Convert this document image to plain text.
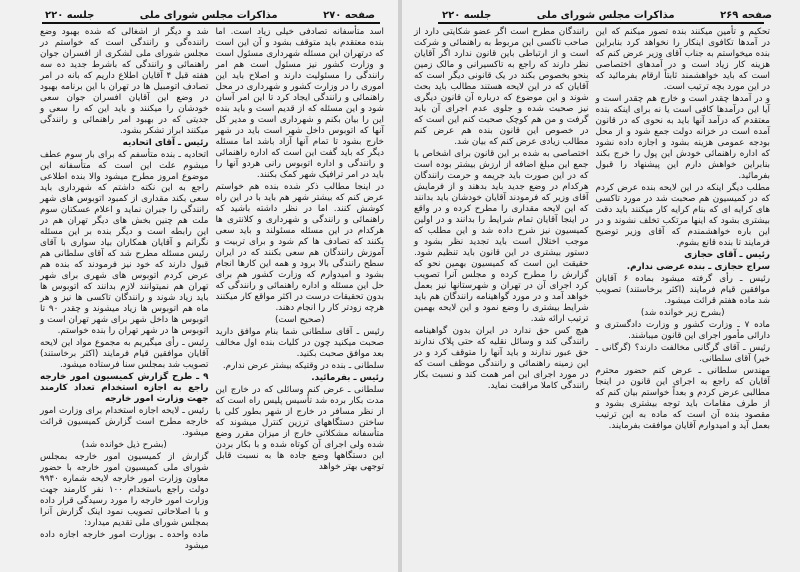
صفحه ۲۷۰
مذاکرات مجلس شورای ملی
جلسه ۲۲۰

اسد متأسفانه تصادفی خیلی زیاد است. اما بنده معتقدم باید متوقف بشود و آن این است که درتهران این مسئله شهرداری مسئول است و وزارت کشور نیز مسئول است هم امر رانندگی را مسئولیت دارند و اصلاح باید این اموری را در وزارت کشور و شهرداری در محل راهنمائی و رانندگی ایجاد کرد تا این امر آسان شود و این مسئله که از قدیم است و باید بنده این را بیان بکنم و شهرداری است و مدیر کل آنها که اتوبوس داخل شهر است باید در شهر خارج بشود تا تمام آنها آزاد باشد اما مسئله دیگر که باید گفت این است که اداره راهنمائی و رانندگی و اداره اتوبوس رانی هردو آنها را باید در امر ترافیک شهر کمک بکنند.

در اینجا مطالب ذکر شده بنده هم خواستم عرض کنم که بیشتر شهر هم باید با در این راه کوشش کنند. اما در نظر داشته باشید که راهنمائی و رانندگی و شهرداری و کلانتری ها هرکدام در این مسئله مسئولند و باید سعی بکنند که تصادف ها کم شود و برای تربیت و آموزش رانندگان هم سعی بکنند که در ایران سطح رانندگی بالا برود و همه این کارها انجام بشود و امیدوارم که وزارت کشور هم برای حل این مسئله و اداره راهنمائی و رانندگی که بدون تحقیقات درست در اکثر مواقع کار میکنند هرچه زودتر کار را انجام دهند.

(صحیح است)

رئیس ـ آقای سلطانی شما بنام موافق دارید صحبت میکنید چون در کلیات بنده اول مخالف بعد موافق صحبت بکنید.

سلطانی ـ بنده در وقتیکه بیشتر عرض ندارم.

رئیس ـ بفرمائید.

سلطانی ـ عرض کنم وسائلی که در خارج این مدت بکار برده شد تأسیس پلیس راه است که از نظر مسافر در خارج از شهر بطور کلی با ساختن دستگاههای ترزین کنترل میشوند که متأسفانه مشکلاتی خارج از میزان مقرر وضع شده ولی اجرای آن کوتاه شده و با بکار بردن این دستگاهها وضع جاده ها به نسبت قابل توجهی بهتر خواهد

شد و دیگر از اشغالی که شده بهبود وضع راننده‌گی و رانندگی است که خواستم در مجلس شورای ملی لشکری از افسران جوان راهنمائی و رانندگی که باشرط جدید ده سه هفته قبل ۴ آقایان اطلاع داریم که بانه در امر تصادف اتومبیل ها در تهران با این برنامه بهبود در وضع این آقایان افسران جوان سعی خودشان را میکنند و باید این که را سعی و جدیتی که در بهبود امر راهنمائی و رانندگی میکنند ابراز تشکر بشود.

رئیس ـ آقای اتحادیه

اتحادیه ـ بنده متأسفم که برای بار سوم عطف میشوم علت این است که متأسفانه این موضوع امروز مطرح میشود والا بنده اطلاعی راجع به این نکته داشتم که شهرداری باید سعی بکند مقداری از کمبود اتوبوس های شهر رانندگی را جبران نماید و اعلام عسکتان سوم ملت هم چنین بخش های دیگر تهران هم در این رابطه است و دیگر بنده بر این مسئله نگرانم و آقایان همکاران بیاد سواری با آقای رئیس مسئله مطرح شد که آقای سلطانی هم قبول دارند که خود نیز فرمودند که بنده هم عرض کردم اتوبوس های شهری برای شهر تهران هم نمیتوانند لازم بدانند که اتوبوس ها باید زیاد شوند و رانندگان تاکسی ها نیز و هر ماه هم اتوبوس ها زیاد میشوند و چقدر ۹۰ تا اتوبوس ها داخل شهر برای شهر تهران است و اتوبوس ها در شهر تهران را بنده خواستم.

رئیس ـ رأی میگیریم به مجموع مواد این لایحه آقایان موافقین قیام فرمایند (اکثر برخاستند) تصویب شد بمجلس سنا فرستاده میشود.

۹ ـ طرح گزارش کمیسیون امور خارجه راجع به اجازه استخدام تعداد کارمند جهت وزارت امور خارجه

رئیس ـ لایحه اجازه استخدام برای وزارت امور خارجه مطرح است گزارش کمیسیون قرائت میشود.

(بشرح ذیل خوانده شد)

گزارش از کمیسیون امور خارجه بمجلس شورای ملی کمیسیون امور خارجه با حضور معاون وزارت امور خارجه لایحه شماره ۹۹۴۰ دولت راجع باستخدام ۱۰۰ نفر کارمند جهت وزارت امور خارجه را مورد رسیدگی قرار داده و با اصلاحاتی تصویب نمود اینک گزارش آنرا بمجلس شورای ملی تقدیم میدارد:

ماده واحده ـ بوزارت امور خارجه اجازه داده میشود

صفحه ۲۶۹
مذاکرات مجلس شورای ملی
جلسه ۲۲۰

تحکیم و تأمین میکنند بنده تصور میکنم که این در آمدها تکافوی اینکار را نخواهد کرد بنابراین بنده میخواستم به جناب آقای وزیر عرض کنم که هزینه کار زیاد است و در آمدهای اختصاصی است که باید خواهشمند ثابتاً ارقام بفرمائید که در این مورد بچه ترتیب است.

و در آمدها چقدر است و خارج هم چقدر است و آیا این درآمدها کافی است یا نه برای اینکه بنده معتقدم که درآمد آنها باید به نحوی که در قانون آمده است در خزانه دولت جمع شود و از محل بودجه عمومی هزینه بشود و اجازه داده نشود که اداره راهنمائی خودش این پول را خرج بکند بنابراین خواهش دارم این پیشنهاد را قبول بفرمائید.

مطلب دیگر اینکه در این لایحه بنده عرض کردم که در کمیسیون هم صحبت شد در مورد تاکسی های کرایه ای که بنام کرایه کار میکنند باید دقت بیشتری بشود که اینها مرتکب تخلف نشوند و در این باره خواهشمندم که آقای وزیر توضیح فرمایند تا بنده قانع بشوم.

رئیس ـ آقای حجازی

سراج حجازی ـ بنده عرضی ندارم.

رئیس ـ رأی گرفته میشود بماده ۶ آقایان موافقین قیام فرمایند (اکثر برخاستند) تصویب شد ماده هفتم قرائت میشود.

(بشرح زیر خوانده شد)

ماده ۷ ـ وزارت کشور و وزارت دادگستری و دارائی مأمور اجرای این قانون میباشند.

رئیس ـ آقای گرگانی مخالفت دارند؟ (گرگانی ـ خیر) آقای سلطانی.

مهندس سلطانی ـ عرض کنم حضور محترم آقایان که راجع به اجرای این قانون در اینجا مطالبی عرض کردم و بعداً خواستم بیان کنم که از طرف مقامات باید توجه بیشتری بشود و مقصود بنده آن است که ماده به این ترتیب بعمل آید و امیدوارم آقایان موافقت بفرمایند.

رانندگان مطرح است اگر عضو شکایتی دارد از صاحب تاکسی این مربوط به راهنمائی و شرکت است و از ارتباطی باین قانون ندارد اگر آقایان نظر دارند که راجع به تاکسیرانی و مالک زمین بنحو بخصوص بکند در یک قانونی دیگر است که آقایان که در این لایحه هستند مطالب باید بحث شوند و این موضوع که درباره آن قانون دیگری نیز صحبت شده و جلوی عدم اجرای آن باید گرفت و من هم کوچک صحبت کنم این است که در خصوص این قانون بنده هم عرض کنم مطالب زیادی عرض کنم که بیان شد.

اختصاصی به شده بر این قانون برای اشخاص با جمع این مبلغ اضافه از ارزش بیشتر بوده است که در این صورت باید جریمه و حرمت رانندگان هرکدام در وضع جدید باید بدهند و از فرمایش آقای وزیر که فرمودند آقایان خودشان باید بدانند که این لایحه مقداری را مطرح کرده و در واقع در اینجا آقایان تمام شرایط را بدانند و در اولین کمیسیون نیز شرح داده شد و این مطلب که موجب اختلال است باید تجدید نظر بشود و دستور بیشتری در این قانون باید تنظیم شود. حقیقت این است که کمیسیون بهمین نحو که گزارش را مطرح کرده و مجلس آنرا تصویب کرد اجرای آن در تهران و شهرستانها نیز بعمل خواهد آمد و در مورد گواهینامه رانندگان هم باید شرایط بیشتری را وضع نمود و این لایحه بهمین ترتیب ارائه شد.

هیچ کس حق ندارد در ایران بدون گواهینامه رانندگی کند و وسائل نقلیه که حتی پلاک ندارند حق عبور ندارند و باید آنها را متوقف کرد و در این زمینه راهنمائی و رانندگی موظف است که در مورد اجرای این امر همت کند و نسبت بکار رانندگی کاملا مراقبت نماید.
